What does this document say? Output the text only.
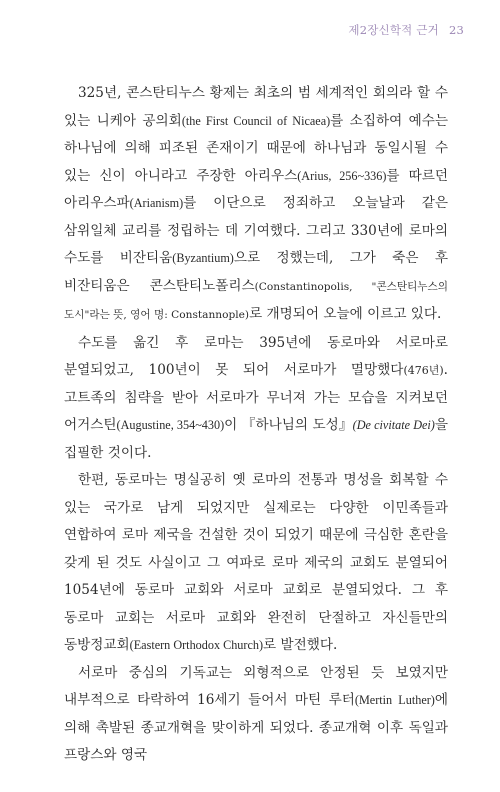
제2장신학적 근거 23

325년, 콘스탄티누스 황제는 최초의 범 세계적인 회의라 할 수 있는 니케아 공의회(the First Council of Nicaea)를 소집하여 예수는 하나님에 의해 피조된 존재이기 때문에 하나님과 동일시될 수 있는 신이 아니라고 주장한 아리우스(Arius, 256~336)를 따르던 아리우스파(Arianism)를 이단으로 정죄하고 오늘날과 같은 삼위일체 교리를 정립하는 데 기여했다. 그리고 330년에 로마의 수도를 비잔티움(Byzantium)으로 정했는데, 그가 죽은 후 비잔티움은 콘스탄티노폴리스(Constantinopolis, "콘스탄티누스의 도시"라는 뜻, 영어 명: Constannople)로 개명되어 오늘에 이르고 있다.

수도를 옮긴 후 로마는 395년에 동로마와 서로마로 분열되었고, 100년이 못 되어 서로마가 멸망했다(476년). 고트족의 침략을 받아 서로마가 무너져 가는 모습을 지켜보던 어거스틴(Augustine, 354~430)이 『하나님의 도성』(De civitate Dei)을 집필한 것이다.

한편, 동로마는 명실공히 옛 로마의 전통과 명성을 회복할 수 있는 국가로 남게 되었지만 실제로는 다양한 이민족들과 연합하여 로마 제국을 건설한 것이 되었기 때문에 극심한 혼란을 갖게 된 것도 사실이고 그 여파로 로마 제국의 교회도 분열되어 1054년에 동로마 교회와 서로마 교회로 분열되었다. 그 후 동로마 교회는 서로마 교회와 완전히 단절하고 자신들만의 동방정교회(Eastern Orthodox Church)로 발전했다.

서로마 중심의 기독교는 외형적으로 안정된 듯 보였지만 내부적으로 타락하여 16세기 들어서 마틴 루터(Mertin Luther)에 의해 촉발된 종교개혁을 맞이하게 되었다. 종교개혁 이후 독일과 프랑스와 영국
